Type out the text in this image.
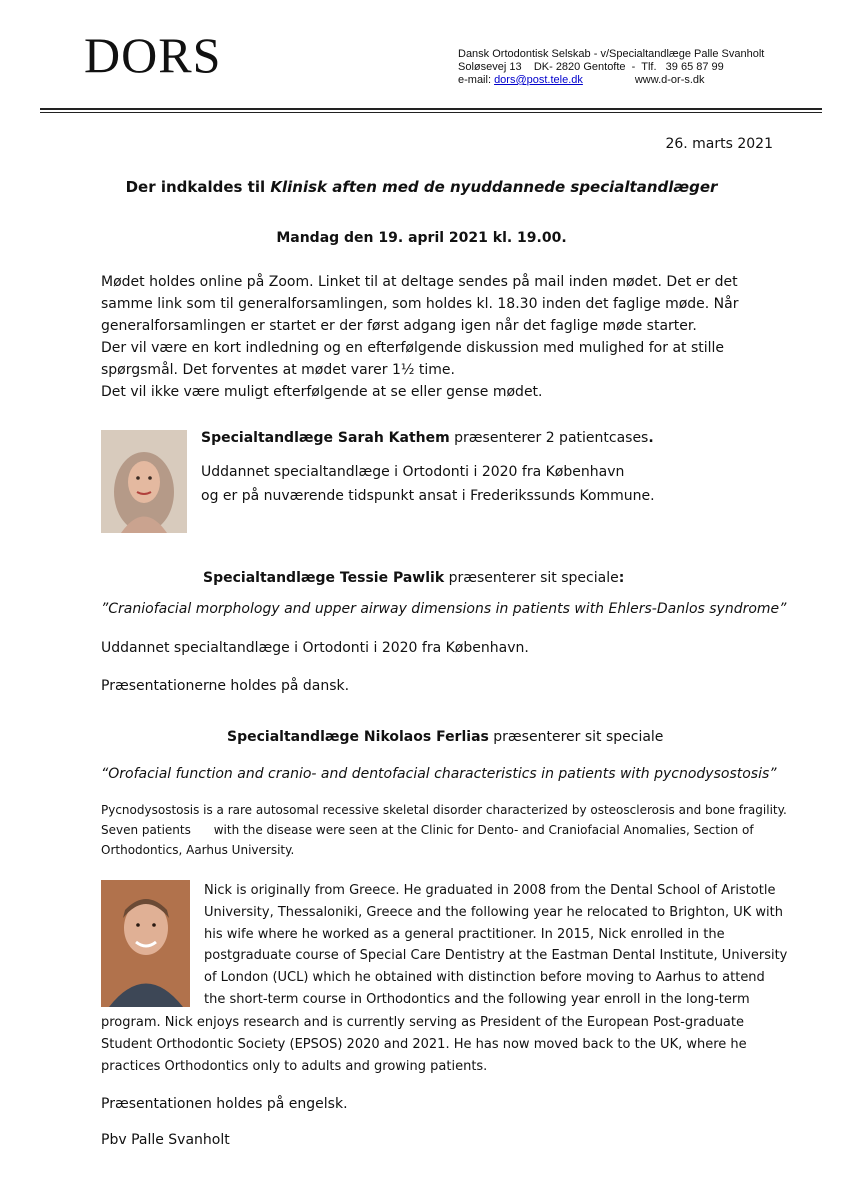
DORS	Dansk Ortodontisk Selskab - v/Specialtandlæge Palle Svanholt
Soløsevej 13    DK- 2820 Gentofte  -  Tlf.   39 65 87 99
e-mail: dors@post.tele.dk	www.d-or-s.dk
26. marts 2021
Der indkaldes til Klinisk aften med de nyuddannede specialtandlæger
Mandag den 19. april 2021 kl. 19.00.
Mødet holdes online på Zoom. Linket til at deltage sendes på mail inden mødet. Det er det
samme link som til generalforsamlingen, som holdes kl. 18.30 inden det faglige møde. Når
generalforsamlingen er startet er der først adgang igen når det faglige møde starter.
Der vil være en kort indledning og en efterfølgende diskussion med mulighed for at stille
spørgsmål. Det forventes at mødet varer 1½ time.
Det vil ikke være muligt efterfølgende at se eller gense mødet.
Specialtandlæge Sarah Kathem præsenterer 2 patientcases.
Uddannet specialtandlæge i Ortodonti i 2020 fra København
og er på nuværende tidspunkt ansat i Frederikssunds Kommune.
Specialtandlæge Tessie Pawlik præsenterer sit speciale:
”Craniofacial morphology and upper airway dimensions in patients with Ehlers-Danlos syndrome”
Uddannet specialtandlæge i Ortodonti i 2020 fra København.
Præsentationerne holdes på dansk.
Specialtandlæge Nikolaos Ferlias præsenterer sit speciale
“Orofacial function and cranio- and dentofacial characteristics in patients with pycnodysostosis”
Pycnodysostosis is a rare autosomal recessive skeletal disorder characterized by osteosclerosis and bone fragility.
Seven patients      with the disease were seen at the Clinic for Dento- and Craniofacial Anomalies, Section of
Orthodontics, Aarhus University.
Nick is originally from Greece. He graduated in 2008 from the Dental School of Aristotle
University, Thessaloniki, Greece and the following year he relocated to Brighton, UK with
his wife where he worked as a general practitioner. In 2015, Nick enrolled in the
postgraduate course of Special Care Dentistry at the Eastman Dental Institute, University
of London (UCL) which he obtained with distinction before moving to Aarhus to attend
the short-term course in Orthodontics and the following year enroll in the long-term
program. Nick enjoys research and is currently serving as President of the European Post-graduate
Student Orthodontic Society (EPSOS) 2020 and 2021. He has now moved back to the UK, where he
practices Orthodontics only to adults and growing patients.
Præsentationen holdes på engelsk.
Pbv Palle Svanholt
